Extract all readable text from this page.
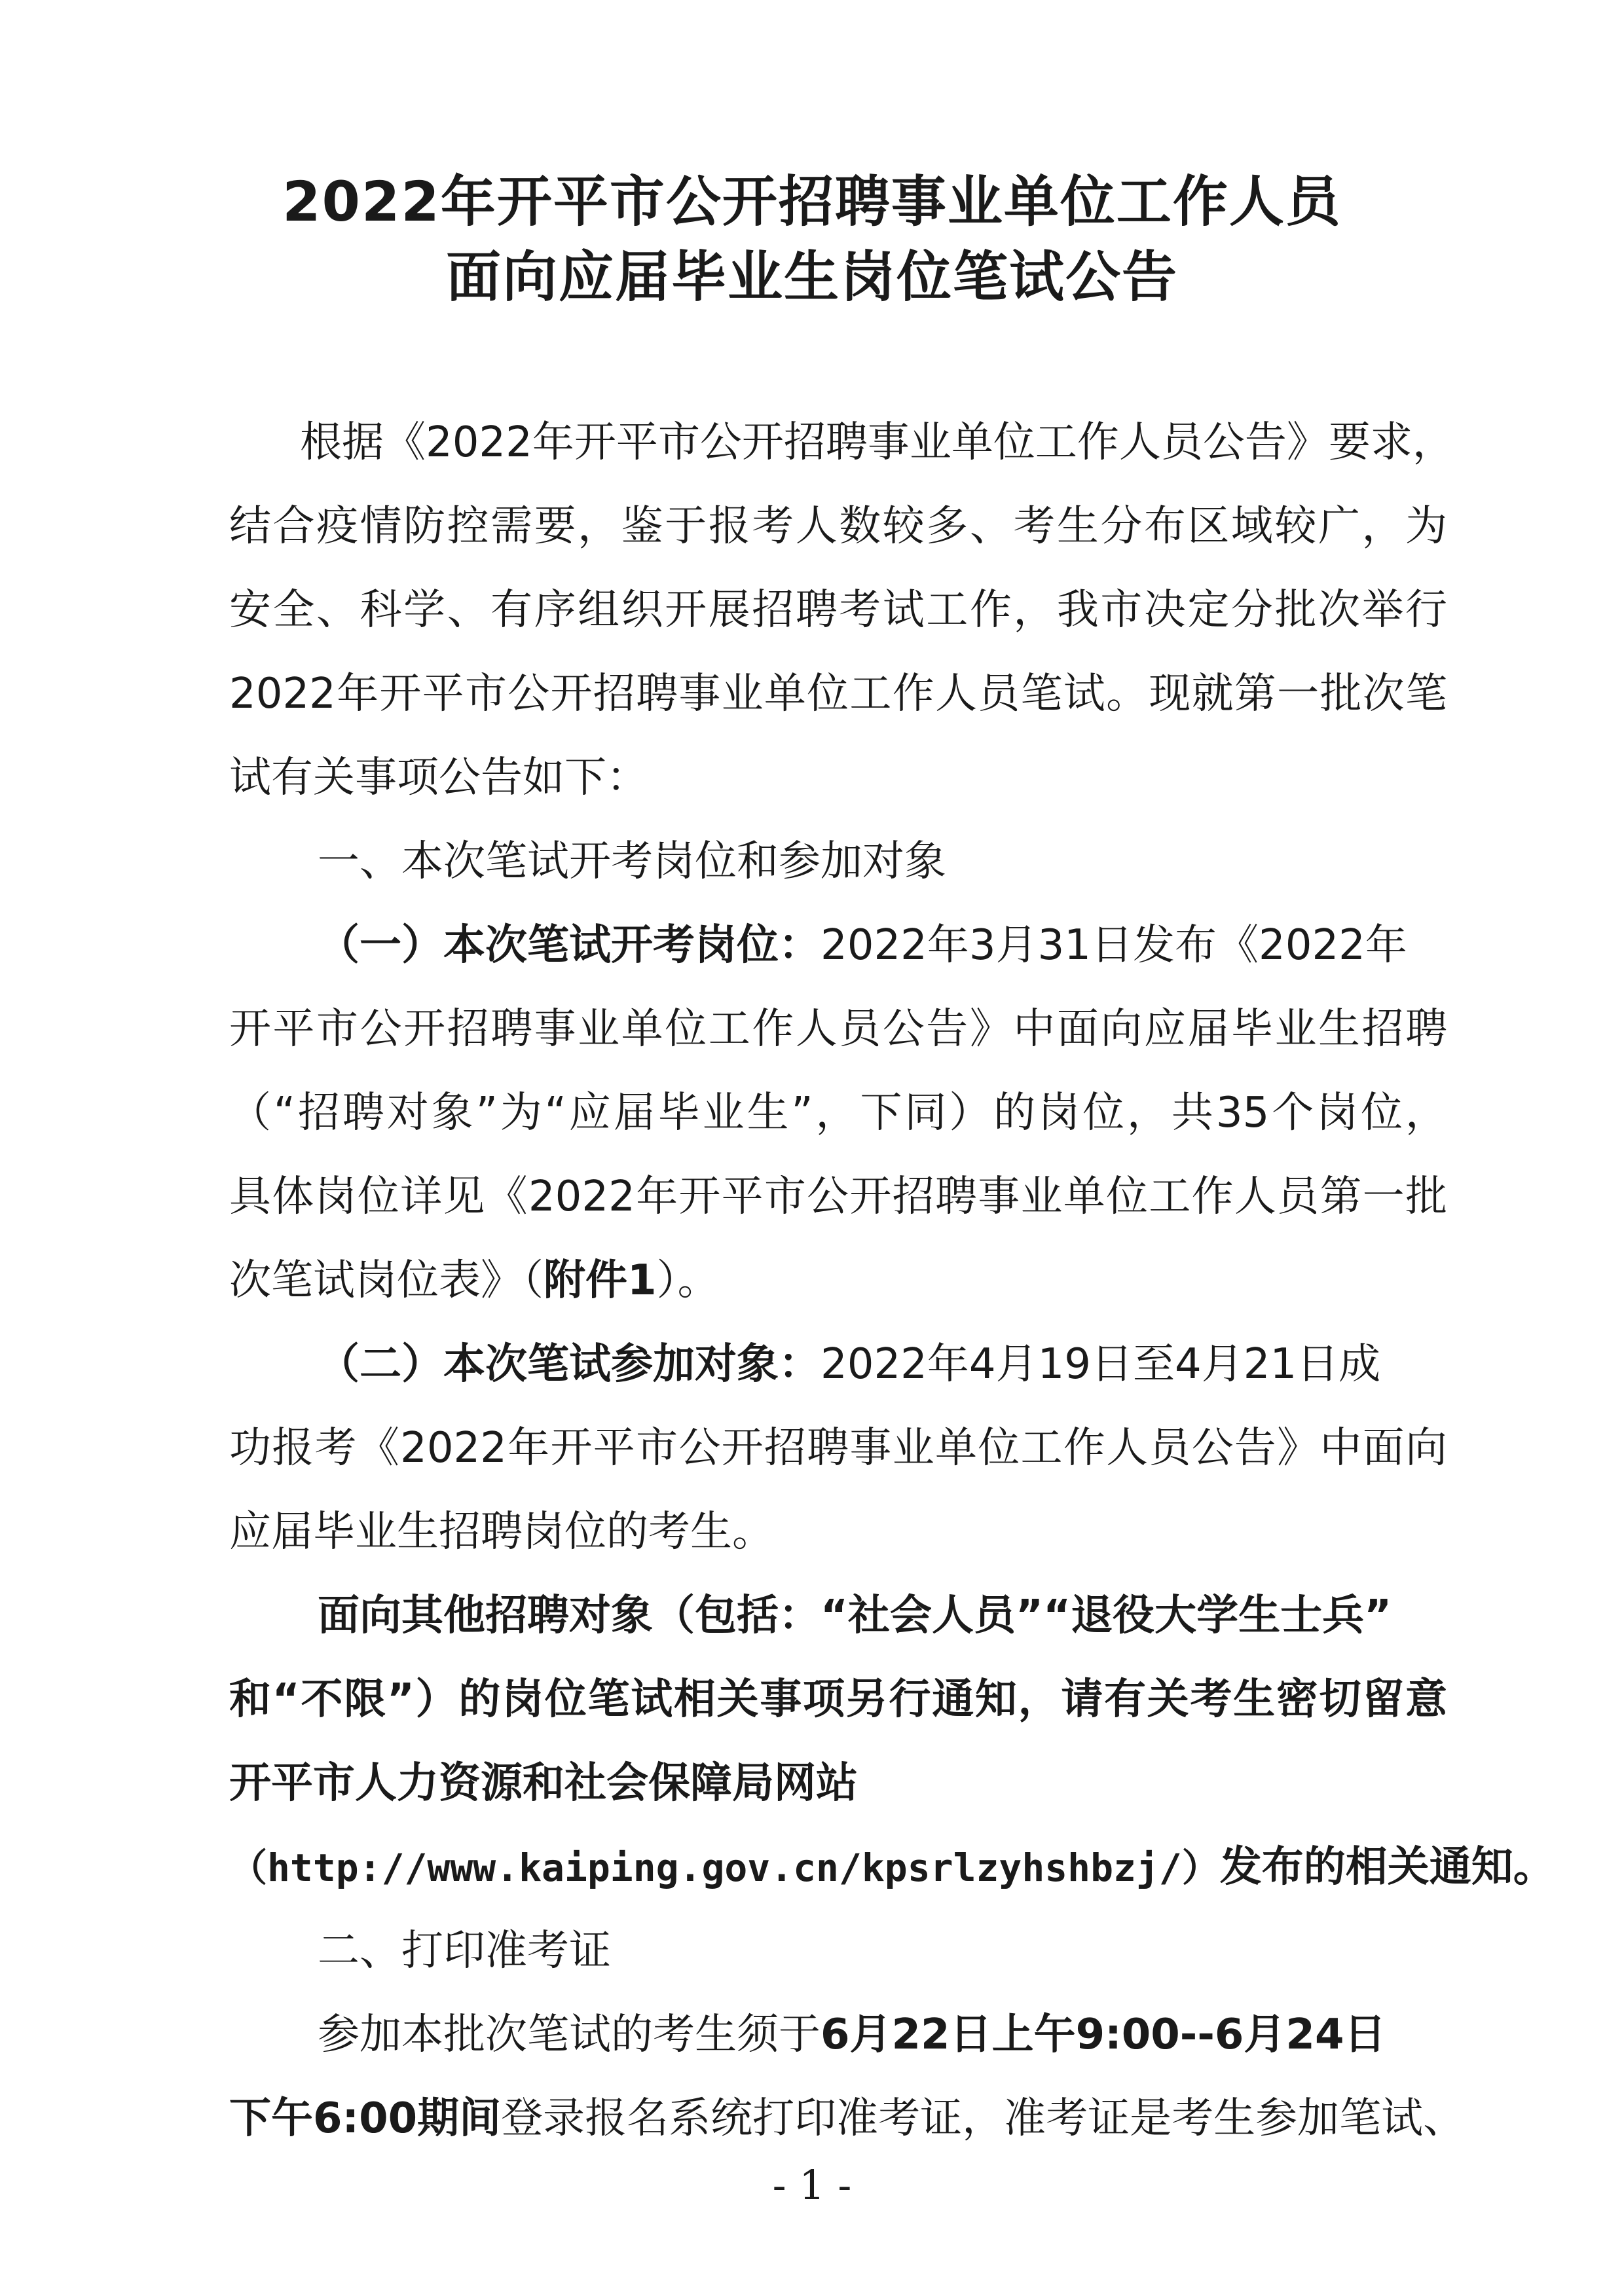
2022年开平市公开招聘事业单位工作人员
面向应届毕业生岗位笔试公告

根据《2022年开平市公开招聘事业单位工作人员公告》要求，

结合疫情防控需要，鉴于报考人数较多、考生分布区域较广，为

安全、科学、有序组织开展招聘考试工作，我市决定分批次举行

2022年开平市公开招聘事业单位工作人员笔试。现就第一批次笔

试有关事项公告如下：

一、本次笔试开考岗位和参加对象

（一）本次笔试开考岗位：2022年3月31日发布《2022年

开平市公开招聘事业单位工作人员公告》中面向应届毕业生招聘

（“招聘对象”为“应届毕业生”，下同）的岗位，共35个岗位，

具体岗位详见《2022年开平市公开招聘事业单位工作人员第一批

次笔试岗位表》（附件1）。

（二）本次笔试参加对象：2022年4月19日至4月21日成

功报考《2022年开平市公开招聘事业单位工作人员公告》中面向

应届毕业生招聘岗位的考生。

面向其他招聘对象（包括：“社会人员”“退役大学生士兵”

和“不限”）的岗位笔试相关事项另行通知，请有关考生密切留意

开平市人力资源和社会保障局网站

（http://www.kaiping.gov.cn/kpsrlzyhshbzj/）发布的相关通知。

二、打印准考证

参加本批次笔试的考生须于6月22日上午9:00--6月24日

下午6:00期间登录报名系统打印准考证，准考证是考生参加笔试、

- 1 -
